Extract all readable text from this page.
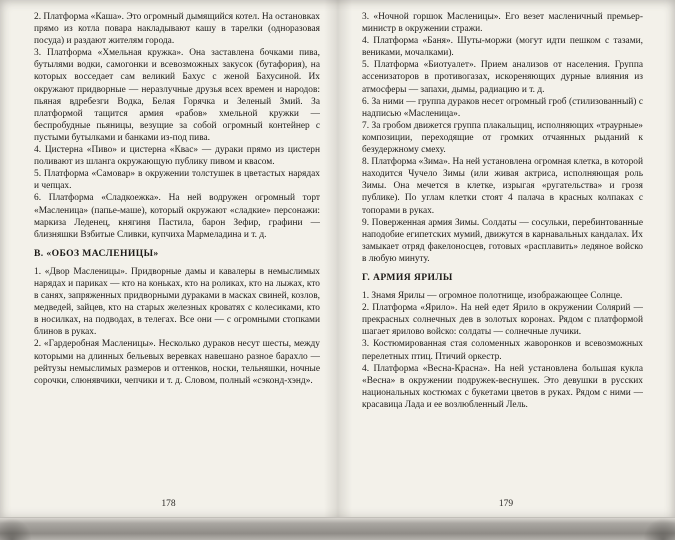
2. Платформа «Каша». Это огромный дымящийся котел. На остановках прямо из котла повара накладывают кашу в тарелки (одноразовая посуда) и раздают жителям города.
3. Платформа «Хмельная кружка». Она заставлена бочками пива, бутылями водки, самогонки и всевозможных закусок (бутафория), на которых восседает сам великий Бахус с женой Бахусиной. Их окружают придворные — неразлучные друзья всех времен и народов: пьяная вдребезги Водка, Белая Горячка и Зеленый Змий. За платформой тащится армия «рабов» хмельной кружки — беспробудные пьяницы, везущие за собой огромный контейнер с пустыми бутылками и банками из-под пива.
4. Цистерна «Пиво» и цистерна «Квас» — дураки прямо из цистерн поливают из шланга окружающую публику пивом и квасом.
5. Платформа «Самовар» в окружении толстушек в цветастых нарядах и чепцах.
6. Платформа «Сладкоежка». На ней водружен огромный торт «Масленица» (папье-маше), который окружают «сладкие» персонажи: маркиза Леденец, княгиня Пастила, барон Зефир, графини — близняшки Взбитые Сливки, купчиха Мармеладина и т. д.
В. «ОБОЗ МАСЛЕНИЦЫ»
1. «Двор Масленицы». Придворные дамы и кавалеры в немыслимых нарядах и париках — кто на коньках, кто на роликах, кто на лыжах, кто в санях, запряженных придворными дураками в масках свиней, козлов, медведей, зайцев, кто на старых железных кроватях с колесиками, кто в носилках, на подводах, в телегах. Все они — с огромными стопками блинов в руках.
2. «Гардеробная Масленицы». Несколько дураков несут шесты, между которыми на длинных бельевых веревках навешано разное барахло — рейтузы немыслимых размеров и оттенков, носки, тельняшки, ночные сорочки, слюнявчики, чепчики и т. д. Словом, полный «сэконд-хэнд».
178
3. «Ночной горшок Масленицы». Его везет масленичный премьер-министр в окружении стражи.
4. Платформа «Баня». Шуты-моржи (могут идти пешком с тазами, вениками, мочалками).
5. Платформа «Биотуалет». Прием анализов от населения. Группа ассенизаторов в противогазах, искореняющих дурные влияния из атмосферы — запахи, дымы, радиацию и т. д.
6. За ними — группа дураков несет огромный гроб (стилизованный) с надписью «Масленица».
7. За гробом движется группа плакальщиц, исполняющих «траурные» композиции, переходящие от громких отчаянных рыданий к безудержному смеху.
8. Платформа «Зима». На ней установлена огромная клетка, в которой находится Чучело Зимы (или живая актриса, исполняющая роль Зимы. Она мечется в клетке, изрыгая «ругательства» и грозя публике). По углам клетки стоят 4 палача в красных колпаках с топорами в руках.
9. Поверженная армия Зимы. Солдаты — сосульки, перебинтованные наподобие египетских мумий, движутся в карнавальных кандалах. Их замыкает отряд факелоносцев, готовых «расплавить» ледяное войско в любую минуту.
Г. АРМИЯ ЯРИЛЫ
1. Знамя Ярилы — огромное полотнище, изображающее Солнце.
2. Платформа «Ярило». На ней едет Ярило в окружении Солярий — прекрасных солнечных дев в золотых коронах. Рядом с платформой шагает ярилово войско: солдаты — солнечные лучики.
3. Костюмированная стая соломенных жаворонков и всевозможных перелетных птиц. Птичий оркестр.
4. Платформа «Весна-Красна». На ней установлена большая кукла «Весна» в окружении подружек-веснушек. Это девушки в русских национальных костюмах с букетами цветов в руках. Рядом с ними — красавица Лада и ее возлюбленный Лель.
179
